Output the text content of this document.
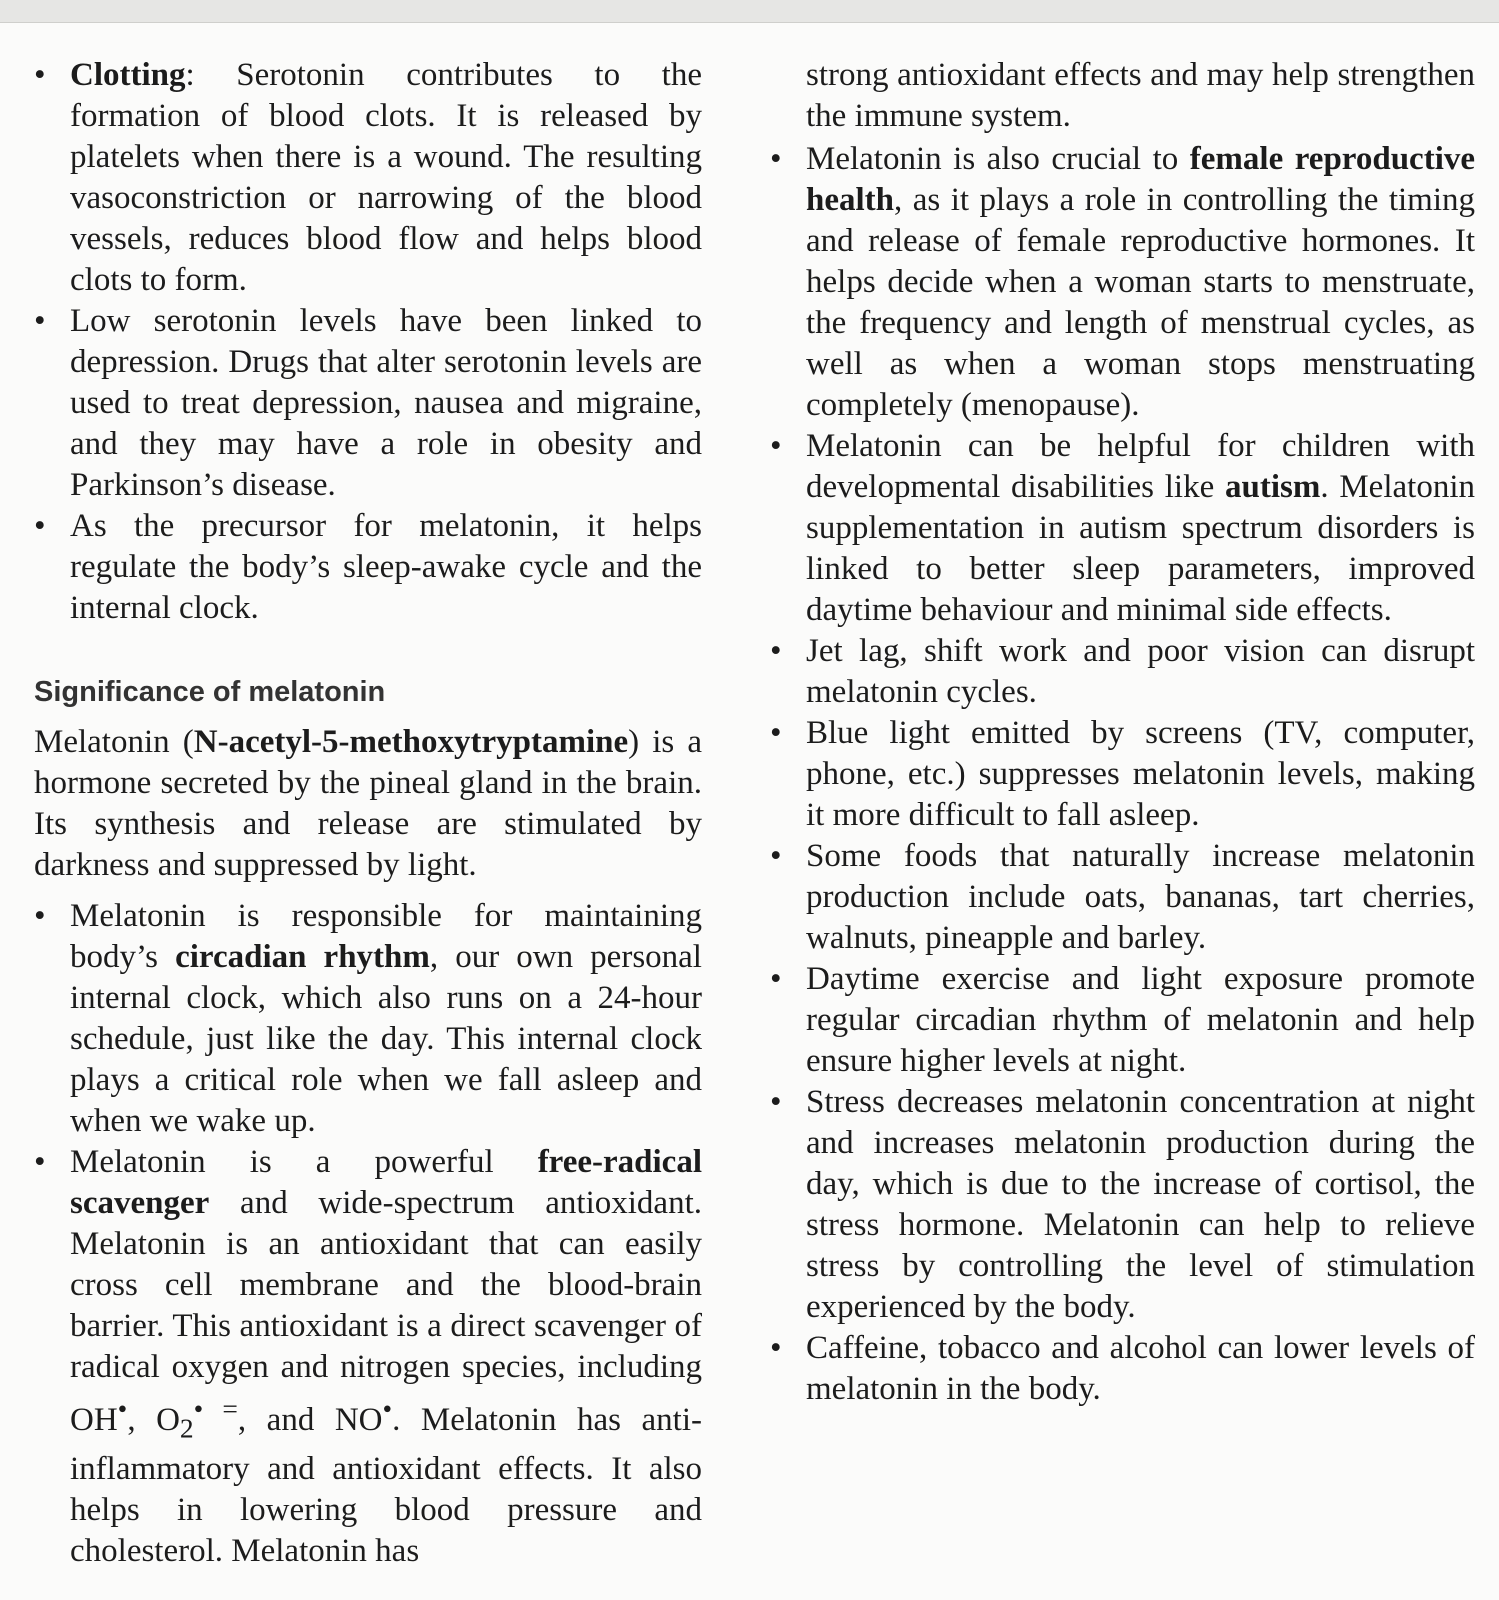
• Clotting: Serotonin contributes to the formation of blood clots. It is released by platelets when there is a wound. The resulting vasoconstriction or narrowing of the blood vessels, reduces blood flow and helps blood clots to form.
• Low serotonin levels have been linked to depression. Drugs that alter serotonin levels are used to treat depression, nausea and migraine, and they may have a role in obesity and Parkinson’s disease.
• As the precursor for melatonin, it helps regulate the body’s sleep-awake cycle and the internal clock.
Significance of melatonin

Melatonin (N-acetyl-5-methoxytryptamine) is a hormone secreted by the pineal gland in the brain. Its synthesis and release are stimulated by darkness and suppressed by light.

• Melatonin is responsible for maintaining body’s circadian rhythm, our own personal internal clock, which also runs on a 24-hour schedule, just like the day. This internal clock plays a critical role when we fall asleep and when we wake up.
• Melatonin is a powerful free-radical scavenger and wide-spectrum antioxidant. Melatonin is an antioxidant that can easily cross cell membrane and the blood-brain barrier. This antioxidant is a direct scavenger of radical oxygen and nitrogen species, including OH•, $O_2^{• =}$, and NO•. Melatonin has anti-inflammatory and antioxidant effects. It also helps in lowering blood pressure and cholesterol. Melatonin has

strong antioxidant effects and may help strengthen the immune system.

• Melatonin is also crucial to female reproductive health, as it plays a role in controlling the timing and release of female reproductive hormones. It helps decide when a woman starts to menstruate, the frequency and length of menstrual cycles, as well as when a woman stops menstruating completely (menopause).
• Melatonin can be helpful for children with developmental disabilities like autism. Melatonin supplementation in autism spectrum disorders is linked to better sleep parameters, improved daytime behaviour and minimal side effects.
• Jet lag, shift work and poor vision can disrupt melatonin cycles.
• Blue light emitted by screens (TV, computer, phone, etc.) suppresses melatonin levels, making it more difficult to fall asleep.
• Some foods that naturally increase melatonin production include oats, bananas, tart cherries, walnuts, pineapple and barley.
• Daytime exercise and light exposure promote regular circadian rhythm of melatonin and help ensure higher levels at night.
• Stress decreases melatonin concentration at night and increases melatonin production during the day, which is due to the increase of cortisol, the stress hormone. Melatonin can help to relieve stress by controlling the level of stimulation experienced by the body.
• Caffeine, tobacco and alcohol can lower levels of melatonin in the body.
